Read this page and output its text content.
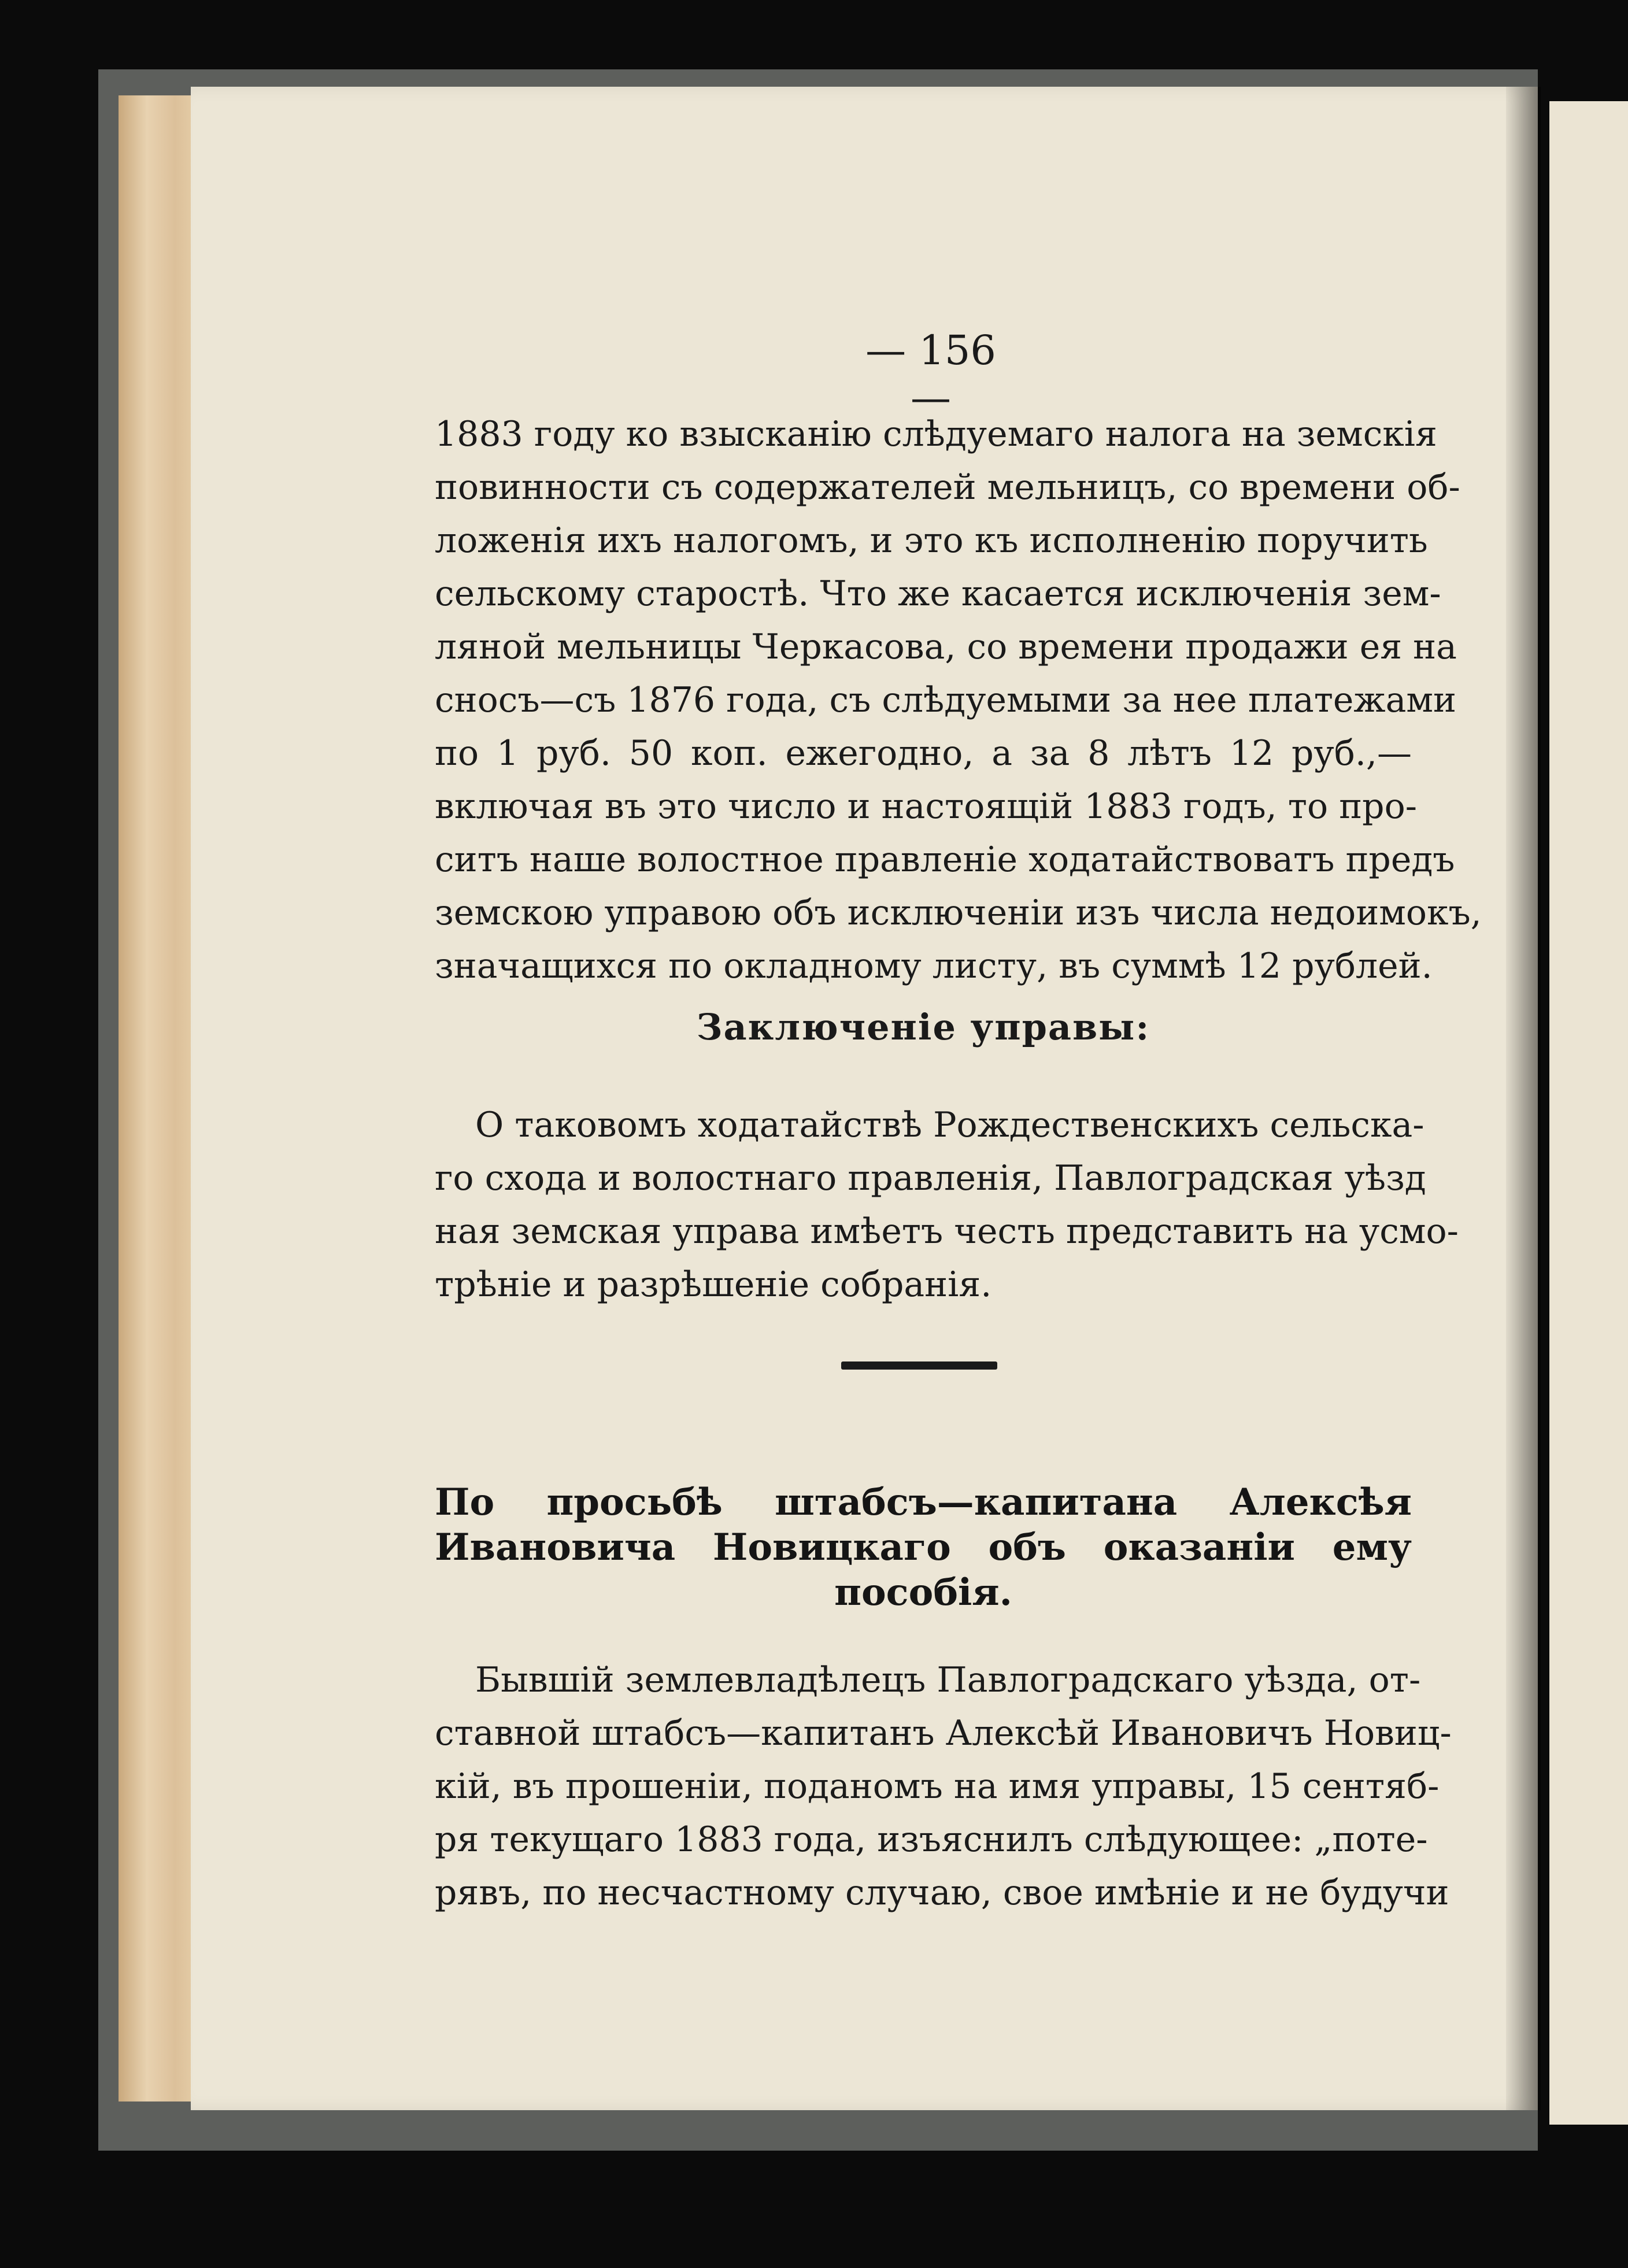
— 156 —

1883 году ко взысканію слѣдуемаго налога на земскія
повинности съ содержателей мельницъ, со времени об-
ложенія ихъ налогомъ, и это къ исполненію поручить
сельскому старостѣ. Что же касается исключенія зем-
ляной мельницы Черкасова, со времени продажи ея на
сносъ—съ 1876 года, съ слѣдуемыми за нее платежами
по 1 руб. 50 коп. ежегодно, а за 8 лѣтъ 12 руб.,—
включая въ это число и настоящій 1883 годъ, то про-
ситъ наше волостное правленіе ходатайствоватъ предъ
земскою управою объ исключеніи изъ числа недоимокъ,
значащихся по окладному листу, въ суммѣ 12 рублей.

Заключеніе управы:

О таковомъ ходатайствѣ Рождественскихъ сельска-
го схода и волостнаго правленія, Павлоградская уѣзд
ная земская управа имѣетъ честь представить на усмо-
трѣніе и разрѣшеніе собранія.

По просьбѣ штабсъ—капитана Алексѣя
Ивановича Новицкаго объ оказаніи ему
пособія.

Бывшій землевладѣлецъ Павлоградскаго уѣзда, от-
ставной штабсъ—капитанъ Алексѣй Ивановичъ Новиц-
кій, въ прошеніи, поданомъ на имя управы, 15 сентяб-
ря текущаго 1883 года, изъяснилъ слѣдующее: „поте-
рявъ, по несчастному случаю, свое имѣніе и не будучи
